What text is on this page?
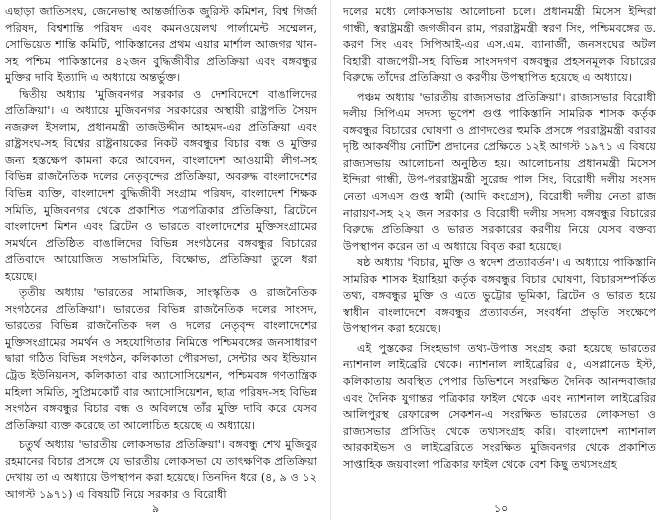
এছাড়া জাতিসংঘ, জেনেভাস্থ আন্তর্জাতিক জুরিস্ট কমিশন, বিশ্ব গির্জা পরিষদ, বিশ্বশান্তি পরিষদ এবং কমনওয়েলথ পার্লামেন্ট সম্মেলন, সোভিয়েত শান্তি কমিটি, পাকিস্তানের প্রথম এয়ার মার্শাল আজগর খান-সহ পশ্চিম পাকিস্তানের ৪২জন বুদ্ধিজীবীর প্রতিক্রিয়া এবং বঙ্গবন্ধুর মুক্তির দাবি ইত্যাদি এ অধ্যায়ে অন্তর্ভুক্ত।

দ্বিতীয় অধ্যায় 'মুজিবনগর সরকার ও দেশবিদেশে বাঙালিদের প্রতিক্রিয়া'। এ অধ্যায়ে মুজিবনগর সরকারের অস্থায়ী রাষ্ট্রপতি সৈয়দ নজরুল ইসলাম, প্রধানমন্ত্রী তাজউদ্দীন আহমদ-এর প্রতিক্রিয়া এবং রাষ্ট্রসংঘ-সহ বিশ্বের রাষ্ট্রনায়কের নিকট বঙ্গবন্ধুর বিচার বন্ধ ও মুক্তির জন্য হস্তক্ষেপ কামনা করে আবেদন, বাংলাদেশ আওয়ামী লীগ-সহ বিভিন্ন রাজনৈতিক দলের নেতৃবৃন্দের প্রতিক্রিয়া, অবরুদ্ধ বাংলাদেশের বিভিন্ন ব্যক্তি, বাংলাদেশ বুদ্ধিজীবী সংগ্রাম পরিষদ, বাংলাদেশ শিক্ষক সমিতি, মুজিবনগর থেকে প্রকাশিত পত্রপত্রিকার প্রতিক্রিয়া, ব্রিটেনে বাংলাদেশ মিশন এবং ব্রিটেন ও ভারতে বাংলাদেশের মুক্তিসংগ্রামের সমর্থনে প্রতিষ্ঠিত বাঙালিদের বিভিন্ন সংগঠনের বঙ্গবন্ধুর বিচারের প্রতিবাদে আয়োজিত সভাসমিতি, বিক্ষোভ, প্রতিক্রিয়া তুলে ধরা হয়েছে।

তৃতীয় অধ্যায় 'ভারতের সামাজিক, সাংস্কৃতিক ও রাজনৈতিক সংগঠনের প্রতিক্রিয়া'। ভারতের বিভিন্ন রাজনৈতিক দলের সাংসদ, ভারতের বিভিন্ন রাজনৈতিক দল ও দলের নেতৃবৃন্দ বাংলাদেশের মুক্তিসংগ্রামের সমর্থন ও সহযোগিতার নিমিত্তে পশ্চিমবঙ্গের জনসাধারণ দ্বারা গঠিত বিভিন্ন সংগঠন, কলিকাতা পৌরসভা, সেন্টার অব ইন্ডিয়ান ট্রেড ইউনিয়নস, কলিকাতা বার অ্যাসোসিয়েশন, পশ্চিমবঙ্গ গণতান্ত্রিক মহিলা সমিতি, সুপ্রিমকোর্ট বার অ্যাসোসিয়েশন, ছাত্র পরিষদ-সহ বিভিন্ন সংগঠন বঙ্গবন্ধুর বিচার বন্ধ ও অবিলম্বে তাঁর মুক্তি দাবি করে যেসব প্রতিক্রিয়া ব্যক্ত করেছে তা আলোচিত হয়েছে এ অধ্যায়ে।

চতুর্থ অধ্যায় 'ভারতীয় লোকসভার প্রতিক্রিয়া'। বঙ্গবন্ধু শেখ মুজিবুর রহমানের বিচার প্রসঙ্গে যে ভারতীয় লোকসভা যে তাৎক্ষণিক প্রতিক্রিয়া দেখায় তা এ অধ্যায়ে উপস্থাপন করা হয়েছে। তিনদিন ধরে (৪, ৯ ও ১২ আগস্ট ১৯৭১) এ বিষয়টি নিয়ে সরকার ও বিরোধী

দলের মধ্যে লোকসভায় আলোচনা চলে। প্রধানমন্ত্রী মিসেস ইন্দিরা গান্ধী, স্বরাষ্ট্রমন্ত্রী জগজীবন রাম, পররাষ্ট্রমন্ত্রী স্বরণ সিং, পশ্চিমবঙ্গের ড. করণ সিং এবং সিপিআই-এর এস.এম. ব্যানার্জী, জনসংঘের অটল বিহারী বাজপেয়ী-সহ বিভিন্ন সাংসদগণ বঙ্গবন্ধুর প্রহসনমূলক বিচারের বিরুদ্ধে তাঁদের প্রতিক্রিয়া ও করণীয় উপস্থাপিত হয়েছে এ অধ্যায়ে।

পঞ্চম অধ্যায় 'ভারতীয় রাজ্যসভার প্রতিক্রিয়া'। রাজ্যসভার বিরোধী দলীয় সিপিএম সদস্য ভূপেশ গুপ্ত পাকিস্তানি সামরিক শাসক কর্তৃক বঙ্গবন্ধুর বিচারের ঘোষণা ও প্রাণদণ্ডের হুমকি প্রসঙ্গে পররাষ্ট্রমন্ত্রী বরাবর দৃষ্টি আকর্ষণীয় নোটিশ প্রদানের প্রেক্ষিতে ১২ই আগস্ট ১৯৭১ এ বিষয়ে রাজ্যসভায় আলোচনা অনুষ্ঠিত হয়। আলোচনায় প্রধানমন্ত্রী মিসেস ইন্দিরা গান্ধী, উপ-পররাষ্ট্রমন্ত্রী সুরেন্দ্র পাল সিং, বিরোধী দলীয় সংসদ নেতা এসএস গুপ্ত স্বামী (আদি কংগ্রেস), বিরোধী দলীয় নেতা রাজ নারায়ণ-সহ ২২ জন সরকার ও বিরোধী দলীয় সদস্য বঙ্গবন্ধুর বিচারের বিরুদ্ধে প্রতিক্রিয়া ও ভারত সরকারের করণীয় নিয়ে যেসব বক্তব্য উপস্থাপন করেন তা এ অধ্যায়ে বিবৃত করা হয়েছে।

ষষ্ঠ অধ্যায় 'বিচার, মুক্তি ও স্বদেশ প্রত্যাবর্তন'। এ অধ্যায়ে পাকিস্তানি সামরিক শাসক ইয়াহিয়া কর্তৃক বঙ্গবন্ধুর বিচার ঘোষণা, বিচারসম্পর্কিত তথ্য, বঙ্গবন্ধুর মুক্তি ও এতে ভুট্টোর ভূমিকা, ব্রিটেন ও ভারত হয়ে স্বাধীন বাংলাদেশে বঙ্গবন্ধুর প্রত্যাবর্তন, সংবর্ধনা প্রভৃতি সংক্ষেপে উপস্থাপন করা হয়েছে।

এই পুস্তকের সিংহভাগ তথ্য-উপাত্ত সংগ্রহ করা হয়েছে ভারতের ন্যাশনাল লাইব্রেরি থেকে। ন্যাশনাল লাইব্রেরির ৫, এসপ্লানেড ইস্ট, কলিকাতায় অবস্থিত পেপার ডিভিশনে সংরক্ষিত দৈনিক আনন্দবাজার এবং দৈনিক যুগান্তর পত্রিকার ফাইল থেকে এবং ন্যাশনাল লাইব্রেরির আলিপুরস্থ রেফারেন্স সেকশন-এ সংরক্ষিত ভারতের লোকসভা ও রাজ্যসভার প্রসিডিং থেকে তথ্যসংগ্রহ করি। বাংলাদেশ ন্যাশনাল আরকাইভস ও লাইব্রেরিতে সংরক্ষিত মুজিবনগর থেকে প্রকাশিত সাপ্তাহিক জয়বাংলা পত্রিকার ফাইল থেকে বেশ কিছু তথ্যসংগ্রহ

৯	১০
